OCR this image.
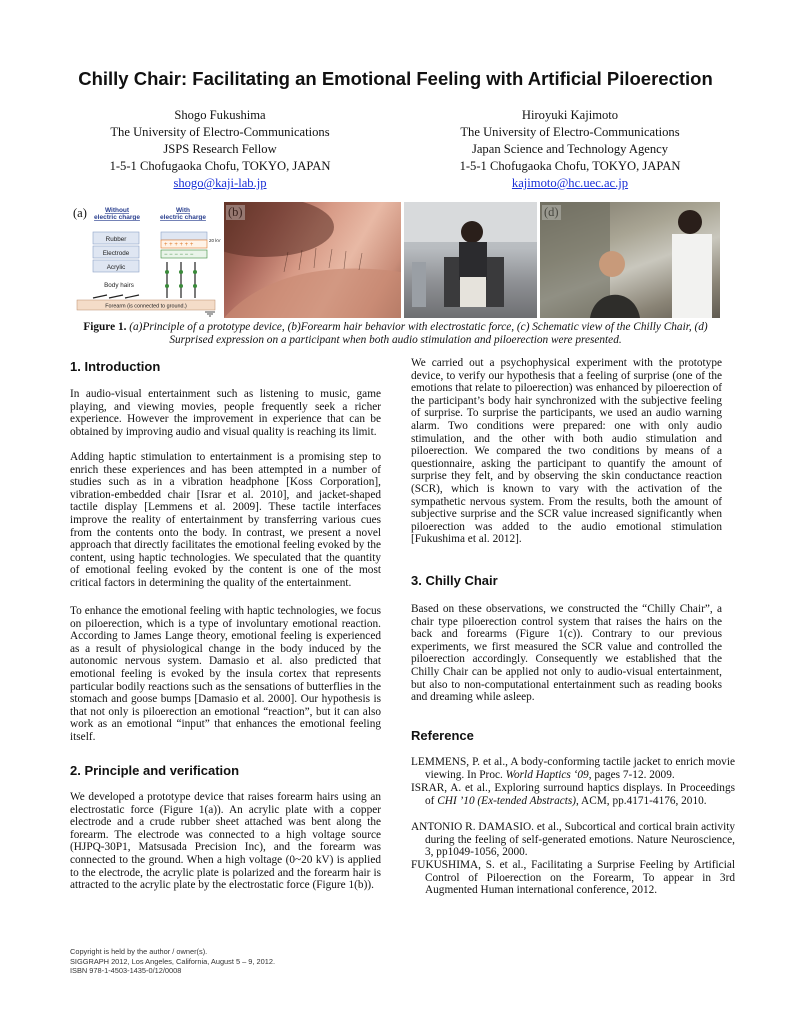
Chilly Chair: Facilitating an Emotional Feeling with Artificial Piloerection
Shogo Fukushima
The University of Electro-Communications
JSPS Research Fellow
1-5-1 Chofugaoka Chofu, TOKYO, JAPAN
shogo@kaji-lab.jp
Hiroyuki Kajimoto
The University of Electro-Communications
Japan Science and Technology Agency
1-5-1 Chofugaoka Chofu, TOKYO, JAPAN
kajimoto@hc.uec.ac.jp
(a)	Without electric charge
With electric charge
Rubber
Electrode
Acrylic
Body hairs
+ + + + + +
− − − − − −
20 kV
Forearm (is connected to ground.)
Figure 1. (a)Principle of a prototype device, (b)Forearm hair behavior with electrostatic force, (c) Schematic view of the Chilly Chair, (d) Surprised expression on a participant when both audio stimulation and piloerection were presented.
1. Introduction

In audio-visual entertainment such as listening to music, game playing, and viewing movies, people frequently seek a richer experience. However the improvement in experience that can be obtained by improving audio and visual quality is reaching its limit.

Adding haptic stimulation to entertainment is a promising step to enrich these experiences and has been attempted in a number of studies such as in a vibration headphone [Koss Corporation], vibration-embedded chair [Israr et al. 2010], and jacket-shaped tactile display [Lemmens et al. 2009]. These tactile interfaces improve the reality of entertainment by transferring various cues from the contents onto the body. In contrast, we present a novel approach that directly facilitates the emotional feeling evoked by the content, using haptic technologies. We speculated that the quantity of emotional feeling evoked by the content is one of the most critical factors in determining the quality of the entertainment.

To enhance the emotional feeling with haptic technologies, we focus on piloerection, which is a type of involuntary emotional reaction. According to James Lange theory, emotional feeling is experienced as a result of physiological change in the body induced by the autonomic nervous system. Damasio et al. also predicted that emotional feeling is evoked by the insula cortex that represents particular bodily reactions such as the sensations of butterflies in the stomach and goose bumps [Damasio et al. 2000]. Our hypothesis is that not only is piloerection an emotional “reaction”, but it can also work as an emotional “input” that enhances the emotional feeling itself.

2. Principle and verification

We developed a prototype device that raises forearm hairs using an electrostatic force (Figure 1(a)). An acrylic plate with a copper electrode and a crude rubber sheet attached was bent along the forearm. The electrode was connected to a high voltage source (HJPQ-30P1, Matsusada Precision Inc), and the forearm was connected to the ground. When a high voltage (0~20 kV) is applied to the electrode, the acrylic plate is polarized and the forearm hair is attracted to the acrylic plate by the electrostatic force (Figure 1(b)).

We carried out a psychophysical experiment with the prototype device, to verify our hypothesis that a feeling of surprise (one of the emotions that relate to piloerection) was enhanced by piloerection of the participant’s body hair synchronized with the subjective feeling of surprise. To surprise the participants, we used an audio warning alarm. Two conditions were prepared: one with only audio stimulation, and the other with both audio stimulation and piloerection. We compared the two conditions by means of a questionnaire, asking the participant to quantify the amount of surprise they felt, and by observing the skin conductance reaction (SCR), which is known to vary with the activation of the sympathetic nervous system. From the results, both the amount of subjective surprise and the SCR value increased significantly when piloerection was added to the audio emotional stimulation [Fukushima et al. 2012].

3. Chilly Chair

Based on these observations, we constructed the “Chilly Chair”, a chair type piloerection control system that raises the hairs on the back and forearms (Figure 1(c)). Contrary to our previous experiments, we first measured the SCR value and controlled the piloerection accordingly. Consequently we established that the Chilly Chair can be applied not only to audio-visual entertainment, but also to non-computational entertainment such as reading books and dreaming while asleep.

Reference

LEMMENS, P. et al., A body-conforming tactile jacket to enrich movie viewing. In Proc. World Haptics ‘09, pages 7-12. 2009.

ISRAR, A. et al., Exploring surround haptics displays. In Proceedings of CHI ’10 (Ex-tended Abstracts), ACM, pp.4171-4176, 2010.

ANTONIO R. DAMASIO. et al., Subcortical and cortical brain activity during the feeling of self-generated emotions. Nature Neuroscience, 3, pp1049-1056, 2000.

FUKUSHIMA, S. et al., Facilitating a Surprise Feeling by Artificial Control of Piloerection on the Forearm, To appear in 3rd Augmented Human international conference, 2012.

Copyright is held by the author / owner(s).
SIGGRAPH 2012, Los Angeles, California, August 5 – 9, 2012.
ISBN 978-1-4503-1435-0/12/0008
